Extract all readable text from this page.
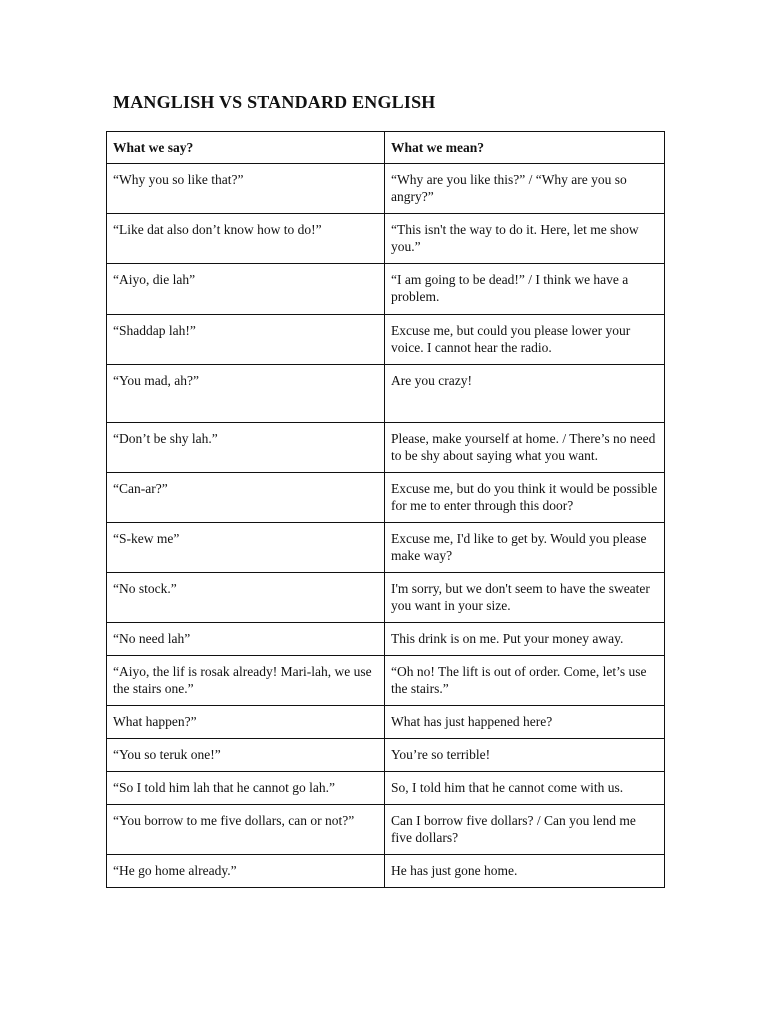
MANGLISH VS STANDARD ENGLISH
What we say?	What we mean?
“Why you so like that?”	“Why are you like this?” / “Why are you so angry?”
“Like dat also don’t know how to do!”	“This isn't the way to do it. Here, let me show you.”
“Aiyo, die lah”	“I am going to be dead!” / I think we have a problem.
“Shaddap lah!”	Excuse me, but could you please lower your voice. I cannot hear the radio.
“You mad, ah?”	Are you crazy!
“Don’t be shy lah.”	Please, make yourself at home. / There’s no need to be shy about saying what you want.
“Can-ar?”	Excuse me, but do you think it would be possible for me to enter through this door?
“S-kew me”	Excuse me, I'd like to get by. Would you please make way?
“No stock.”	I'm sorry, but we don't seem to have the sweater you want in your size.
“No need lah”	This drink is on me. Put your money away.
“Aiyo, the lif is rosak already! Mari-lah, we use the stairs one.”	“Oh no! The lift is out of order. Come, let’s use the stairs.”
What happen?”	What has just happened here?
“You so teruk one!”	You’re so terrible!
“So I told him lah that he cannot go lah.”	So, I told him that he cannot come with us.
“You borrow to me five dollars, can or not?”	Can I borrow five dollars? / Can you lend me five dollars?
“He go home already.”	He has just gone home.
